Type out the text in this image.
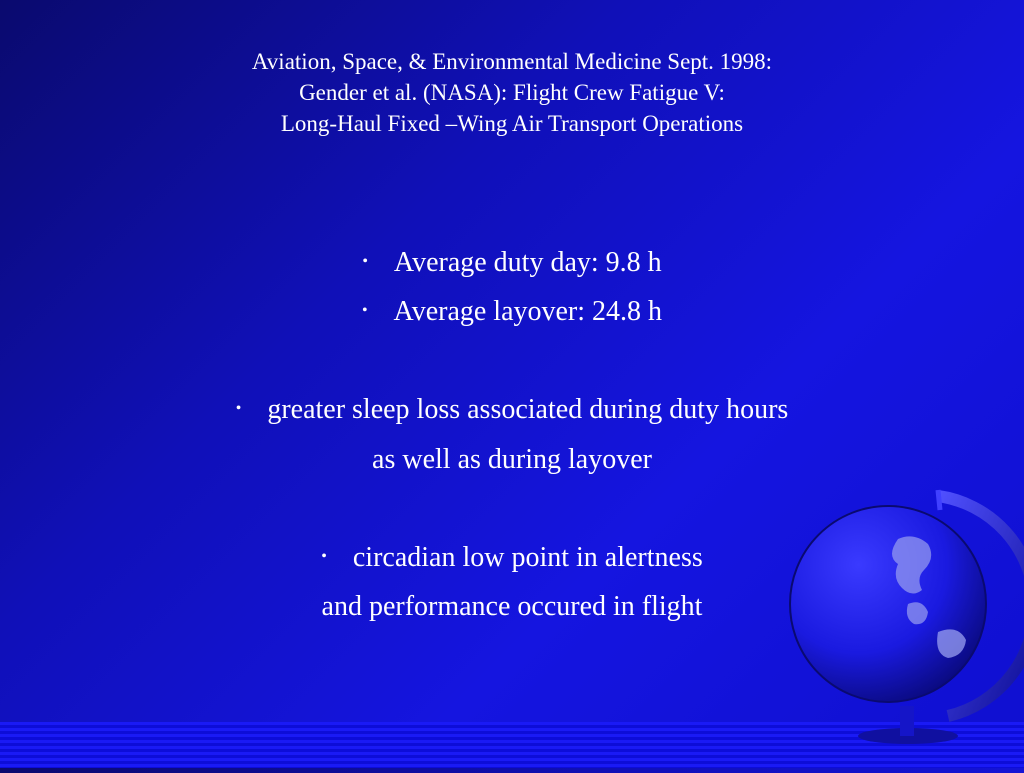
Aviation, Space, & Environmental Medicine Sept. 1998:
Gender et al. (NASA): Flight Crew Fatigue V:
Long-Haul Fixed –Wing Air Transport Operations
• Average duty day: 9.8 h
• Average layover: 24.8 h
• greater sleep loss associated during duty hours
as well as during layover
• circadian low point in alertness
and performance occured in flight
